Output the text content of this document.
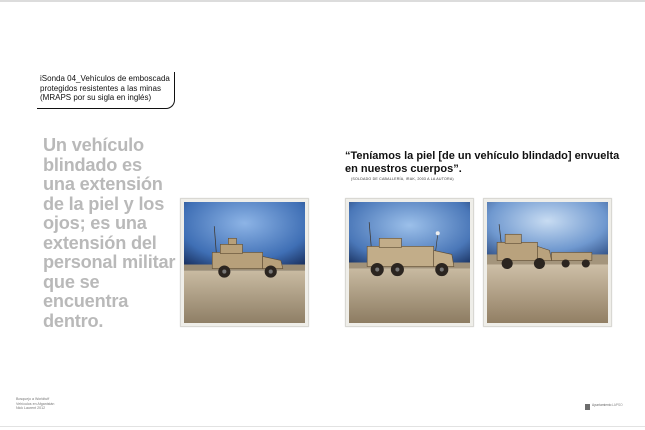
iSonda 04_Vehículos de emboscada protegidos resistentes a las minas (MRAPS por su sigla en inglés)
Un vehículo blindado es una extensión de la piel y los ojos; es una extensión del personal militar que se encuentra dentro.
“Teníamos la piel [de un vehículo blindado] envuelta en nuestros cuerpos”.
(SOLDADO DE CABALLERÍA, IRAK, 2003 A LA AUTORA)
Bosquejo a Worldtuff
Vehículos en Afganistán
Nick Laurent 2012
Ayuntamiento LAPSO
